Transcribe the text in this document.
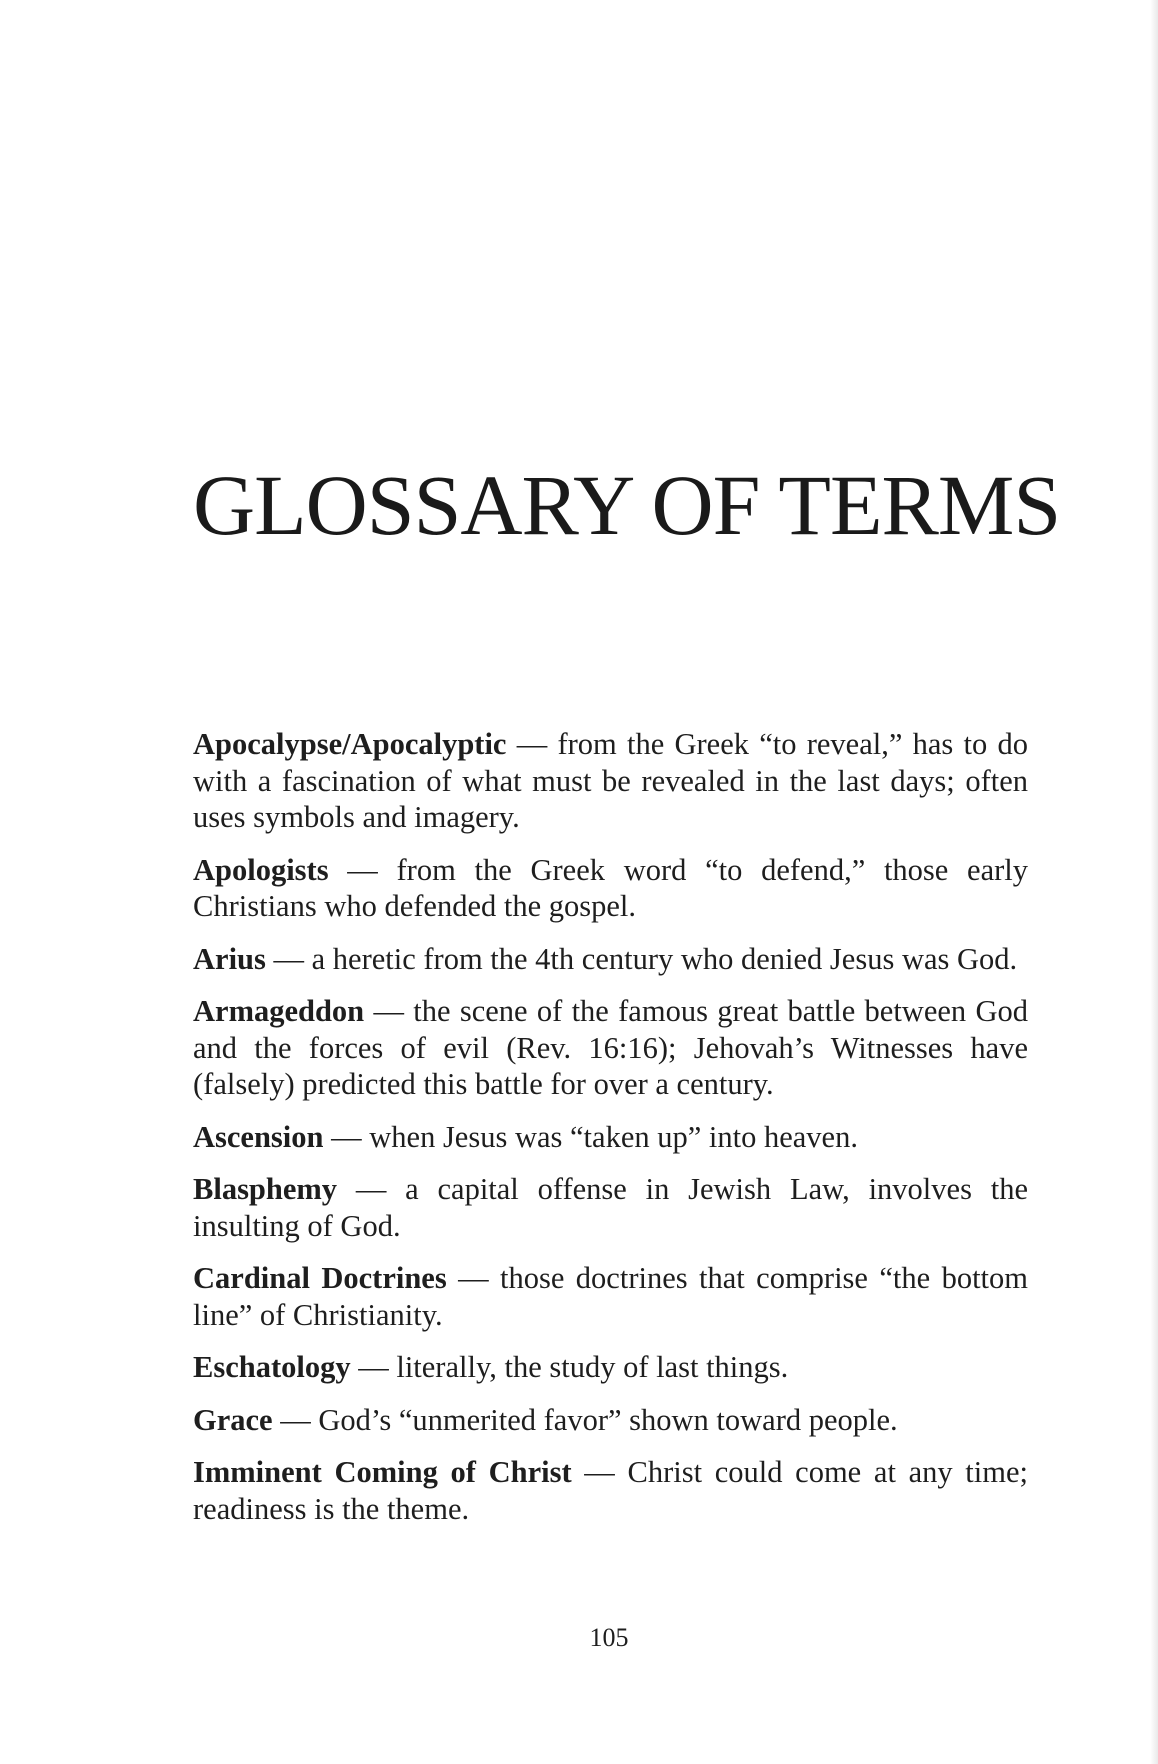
GLOSSARY OF TERMS

Apocalypse/Apocalyptic — from the Greek “to reveal,” has to do with a fascination of what must be revealed in the last days; often uses symbols and imagery.

Apologists — from the Greek word “to defend,” those early Christians who defended the gospel.

Arius — a heretic from the 4th century who denied Jesus was God.

Armageddon — the scene of the famous great battle between God and the forces of evil (Rev. 16:16); Jehovah’s Witnesses have (falsely) predicted this battle for over a century.

Ascension — when Jesus was “taken up” into heaven.

Blasphemy — a capital offense in Jewish Law, involves the insulting of God.

Cardinal Doctrines — those doctrines that comprise “the bottom line” of Christianity.

Eschatology — literally, the study of last things.

Grace — God’s “unmerited favor” shown toward people.

Imminent Coming of Christ — Christ could come at any time; readiness is the theme.

105
